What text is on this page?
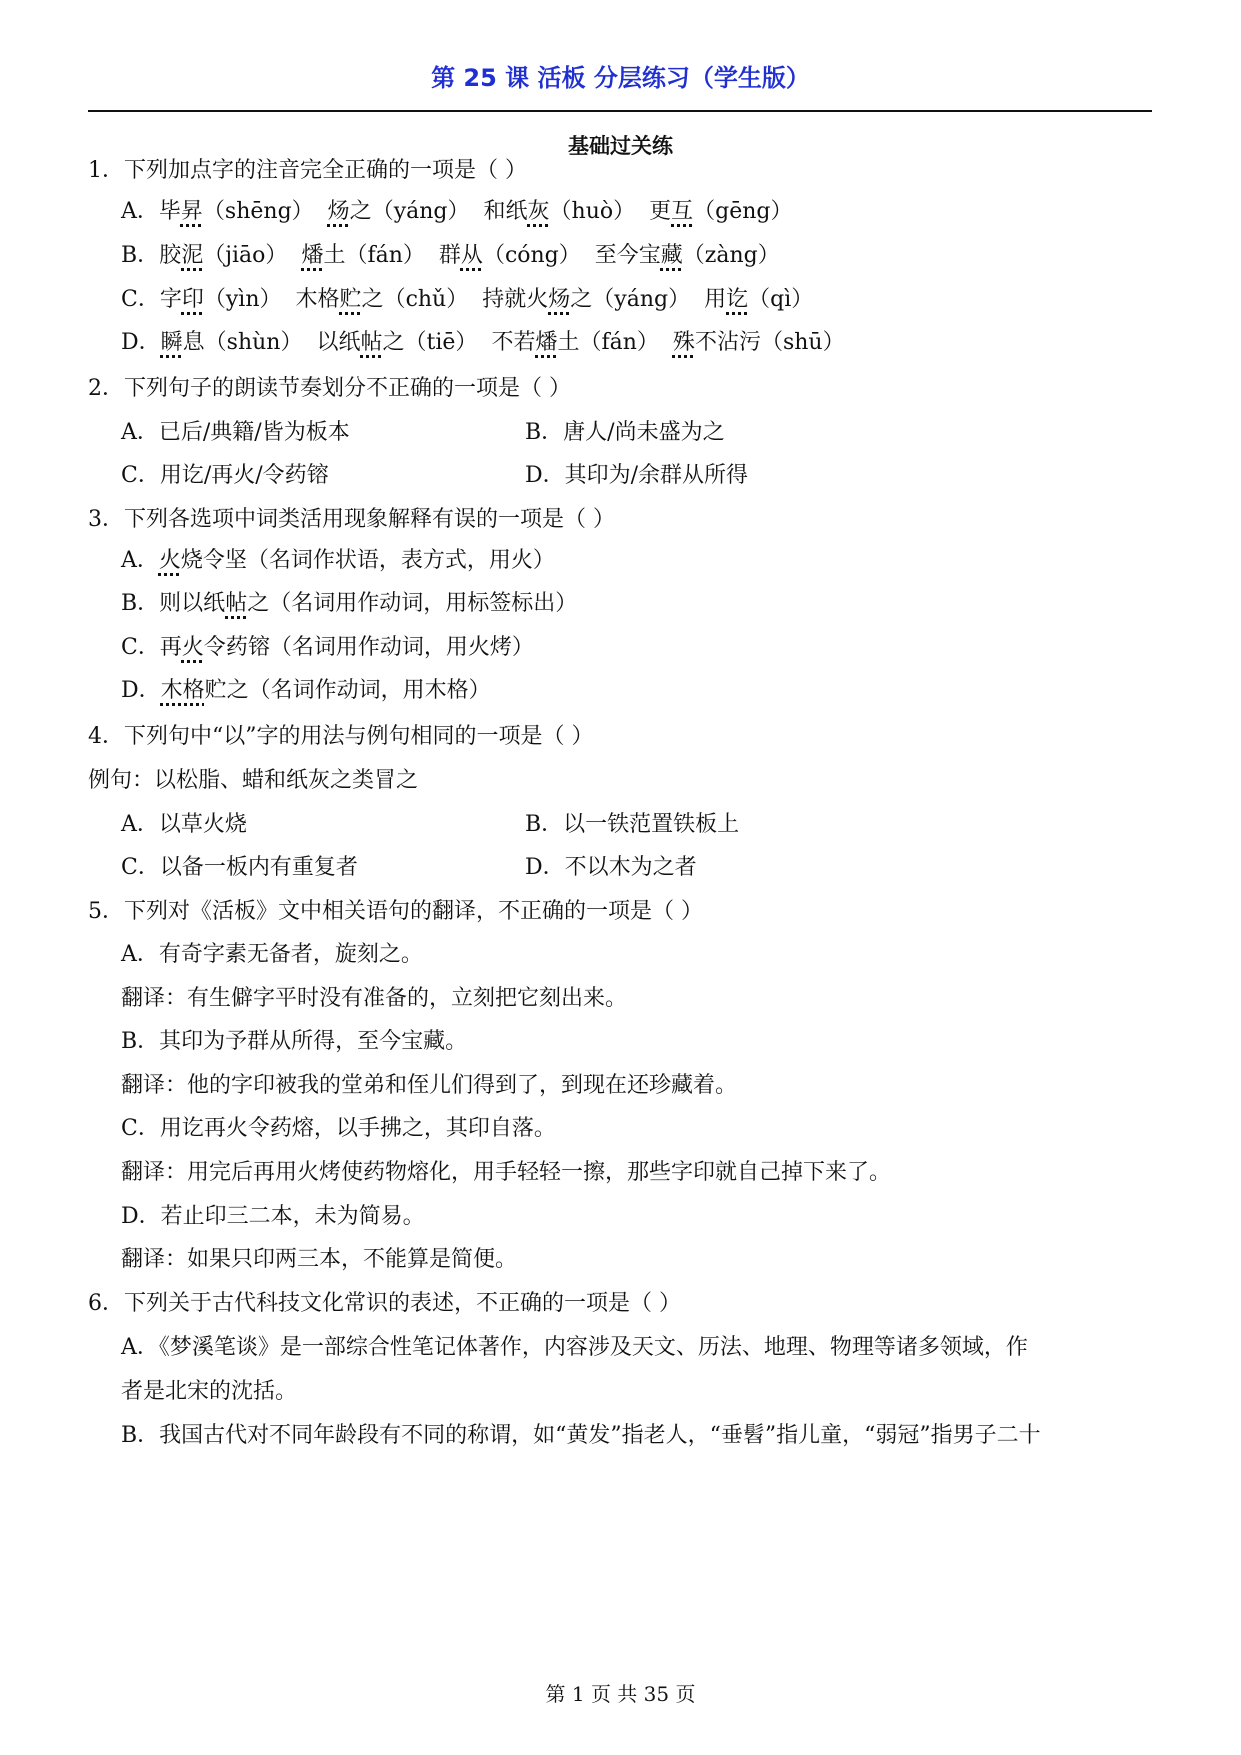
第 25 课 活板 分层练习（学生版）
基础过关练
1．下列加点字的注音完全正确的一项是（ ）
A．毕昇（shēng） 炀之（yáng） 和纸灰（huò） 更互（gēng）
B．胶泥（jiāo） 燔土（fán） 群从（cóng） 至今宝藏（zàng）
C．字印（yìn） 木格贮之（chǔ） 持就火炀之（yáng） 用讫（qì）
D．瞬息（shùn） 以纸帖之（tiē） 不若燔土（fán） 殊不沾污（shū）
2．下列句子的朗读节奏划分不正确的一项是（ ）
A．已后/典籍/皆为板本	B．唐人/尚未盛为之
C．用讫/再火/令药镕	D．其印为/余群从所得
3．下列各选项中词类活用现象解释有误的一项是（ ）
A．火烧令坚（名词作状语，表方式，用火）
B．则以纸帖之（名词用作动词，用标签标出）
C．再火令药镕（名词用作动词，用火烤）
D．木格贮之（名词作动词，用木格）
4．下列句中“以”字的用法与例句相同的一项是（ ）
例句：以松脂、蜡和纸灰之类冒之
A．以草火烧	B．以一铁范置铁板上
C．以备一板内有重复者	D．不以木为之者
5．下列对《活板》文中相关语句的翻译，不正确的一项是（ ）
A．有奇字素无备者，旋刻之。
翻译：有生僻字平时没有准备的，立刻把它刻出来。
B．其印为予群从所得，至今宝藏。
翻译：他的字印被我的堂弟和侄儿们得到了，到现在还珍藏着。
C．用讫再火令药熔，以手拂之，其印自落。
翻译：用完后再用火烤使药物熔化，用手轻轻一擦，那些字印就自己掉下来了。
D．若止印三二本，未为简易。
翻译：如果只印两三本，不能算是简便。
6．下列关于古代科技文化常识的表述，不正确的一项是（ ）
A．《梦溪笔谈》是一部综合性笔记体著作，内容涉及天文、历法、地理、物理等诸多领域，作
者是北宋的沈括。
B．我国古代对不同年龄段有不同的称谓，如“黄发”指老人，“垂髫”指儿童，“弱冠”指男子二十
第 1 页 共 35 页
